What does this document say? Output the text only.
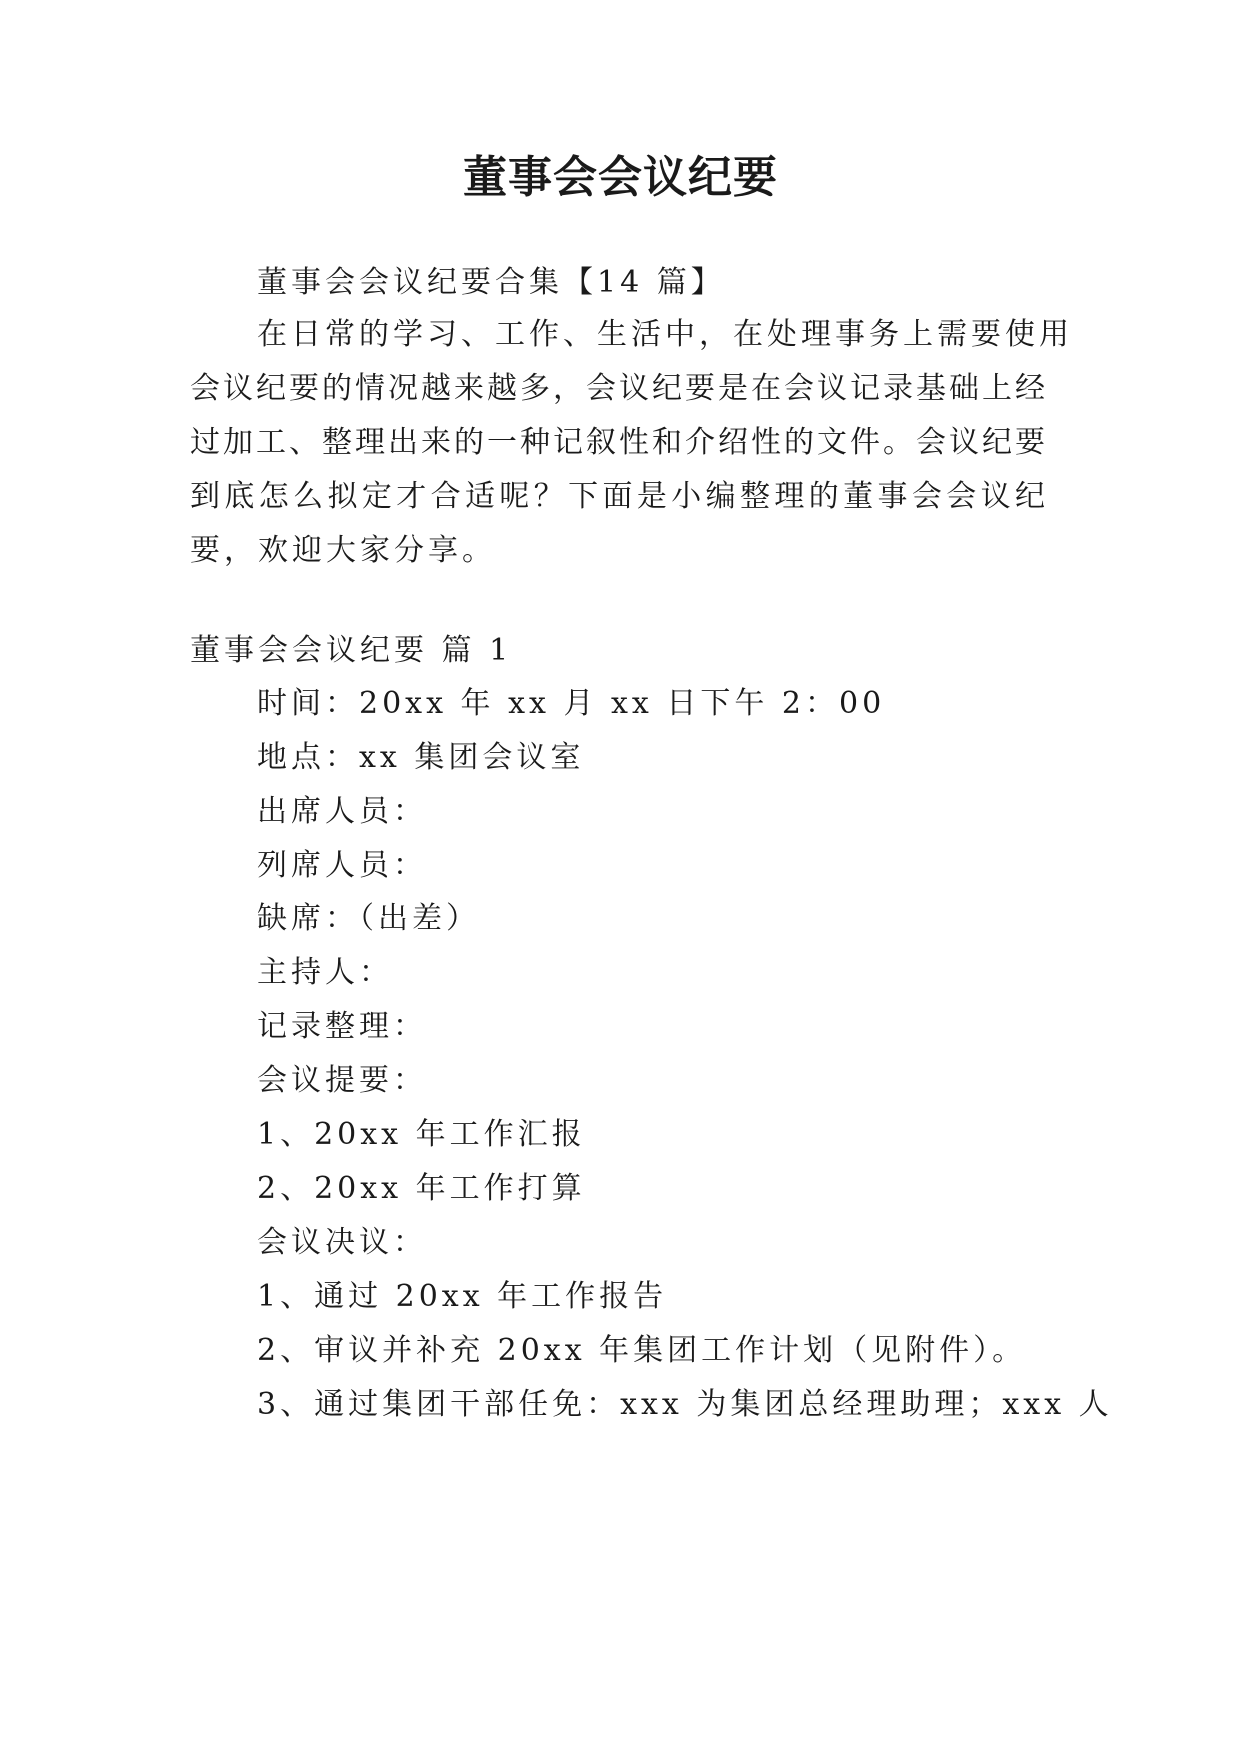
董事会会议纪要
董事会会议纪要合集【14 篇】
在日常的学习、工作、生活中，在处理事务上需要使用
会议纪要的情况越来越多，会议纪要是在会议记录基础上经
过加工、整理出来的一种记叙性和介绍性的文件。会议纪要
到底怎么拟定才合适呢？下面是小编整理的董事会会议纪
要，欢迎大家分享。
董事会会议纪要 篇 1
时间：20xx 年 xx 月 xx 日下午 2：00
地点：xx 集团会议室
出席人员：
列席人员：
缺席：（出差）
主持人：
记录整理：
会议提要：
1、20xx 年工作汇报
2、20xx 年工作打算
会议决议：
1、通过 20xx 年工作报告
2、审议并补充 20xx 年集团工作计划（见附件）。
3、通过集团干部任免：xxx 为集团总经理助理；xxx 人
